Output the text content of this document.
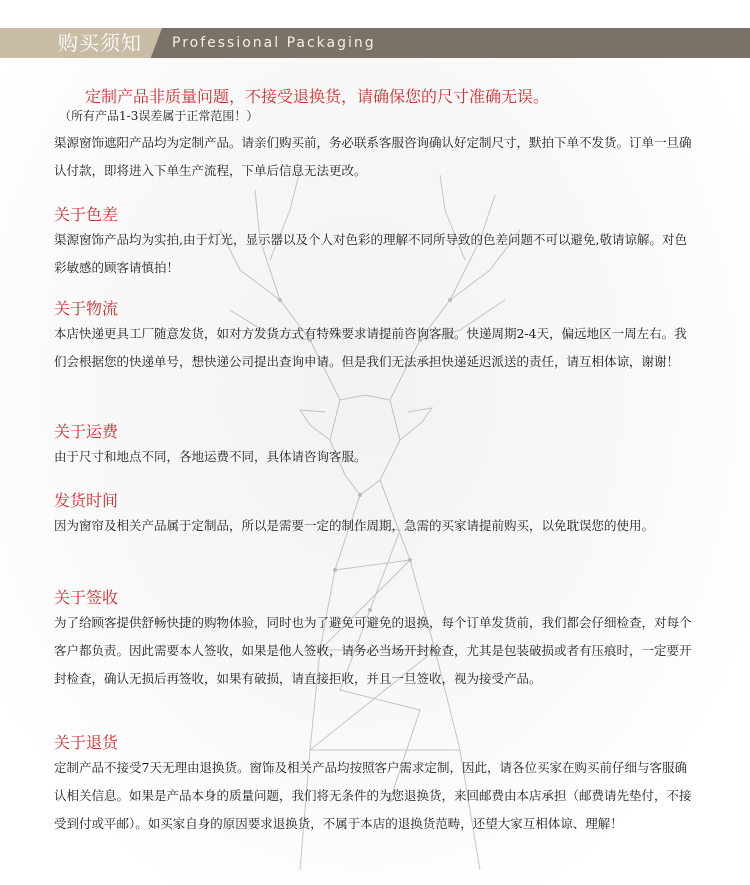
购买须知 Professional Packaging
定制产品非质量问题，不接受退换货，请确保您的尺寸准确无误。
（所有产品1-3误差属于正常范围！）
渠源窗饰遮阳产品均为定制产品。请亲们购买前，务必联系客服咨询确认好定制尺寸，默拍下单不发货。订单一旦确认付款，即将进入下单生产流程，下单后信息无法更改。
关于色差

渠源窗饰产品均为实拍,由于灯光，显示器以及个人对色彩的理解不同所导致的色差问题不可以避免,敬请谅解。对色彩敏感的顾客请慎拍！

关于物流

本店快递更具工厂随意发货，如对方发货方式有特殊要求请提前咨询客服。快递周期2-4天，偏远地区一周左右。我们会根据您的快递单号，想快递公司提出查询申请。但是我们无法承担快递延迟派送的责任，请互相体谅，谢谢！

关于运费

由于尺寸和地点不同，各地运费不同，具体请咨询客服。

发货时间

因为窗帘及相关产品属于定制品，所以是需要一定的制作周期，急需的买家请提前购买，以免耽误您的使用。

关于签收

为了给顾客提供舒畅快捷的购物体验，同时也为了避免可避免的退换，每个订单发货前，我们都会仔细检查，对每个客户都负责。因此需要本人签收，如果是他人签收，请务必当场开封检查，尤其是包装破损或者有压痕时，一定要开封检查，确认无损后再签收，如果有破损，请直接拒收，并且一旦签收，视为接受产品。

关于退货

定制产品不接受7天无理由退换货。窗饰及相关产品均按照客户需求定制，因此，请各位买家在购买前仔细与客服确认相关信息。如果是产品本身的质量问题，我们将无条件的为您退换货，来回邮费由本店承担（邮费请先垫付，不接受到付或平邮）。如买家自身的原因要求退换货，不属于本店的退换货范畴，还望大家互相体谅、理解！
